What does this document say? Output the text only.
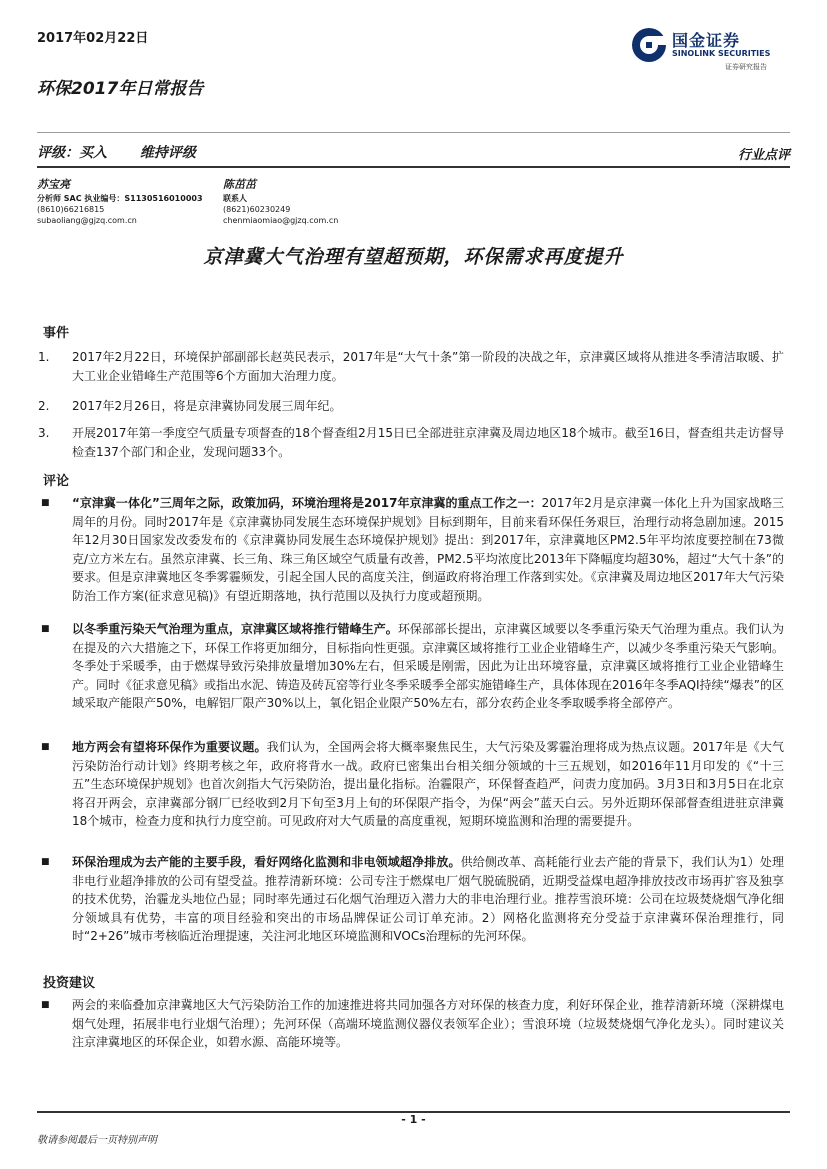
2017年02月22日
环保2017年日常报告
国金证券
SINOLINK SECURITIES
证券研究报告
评级：买入 维持评级	行业点评
苏宝亮
分析师 SAC 执业编号：S1130516010003
(8610)66216815
subaoliang@gjzq.com.cn
陈茁茁
联系人
(8621)60230249
chenmiaomiao@gjzq.com.cn
京津冀大气治理有望超预期，环保需求再度提升
事件
1. 2017年2月22日，环境保护部副部长赵英民表示，2017年是“大气十条”第一阶段的决战之年，京津冀区域将从推进冬季清洁取暖、扩大工业企业错峰生产范围等6个方面加大治理力度。
2. 2017年2月26日，将是京津冀协同发展三周年纪。
3. 开展2017年第一季度空气质量专项督查的18个督查组2月15日已全部进驻京津冀及周边地区18个城市。截至16日，督查组共走访督导检查137个部门和企业，发现问题33个。
评论
■ “京津冀一体化”三周年之际，政策加码，环境治理将是2017年京津冀的重点工作之一：2017年2月是京津冀一体化上升为国家战略三周年的月份。同时2017年是《京津冀协同发展生态环境保护规划》目标到期年，目前来看环保任务艰巨，治理行动将急剧加速。2015年12月30日国家发改委发布的《京津冀协同发展生态环境保护规划》提出：到2017年，京津冀地区PM2.5年平均浓度要控制在73微克/立方米左右。虽然京津冀、长三角、珠三角区域空气质量有改善，PM2.5平均浓度比2013年下降幅度均超30%，超过“大气十条”的要求。但是京津冀地区冬季雾霾频发，引起全国人民的高度关注，倒逼政府将治理工作落到实处。《京津冀及周边地区2017年大气污染防治工作方案(征求意见稿)》有望近期落地，执行范围以及执行力度或超预期。
■ 以冬季重污染天气治理为重点，京津冀区域将推行错峰生产。环保部部长提出，京津冀区域要以冬季重污染天气治理为重点。我们认为在提及的六大措施之下，环保工作将更加细分，目标指向性更强。京津冀区域将推行工业企业错峰生产，以减少冬季重污染天气影响。冬季处于采暖季，由于燃煤导致污染排放量增加30%左右，但采暖是刚需，因此为让出环境容量，京津冀区域将推行工业企业错峰生产。同时《征求意见稿》或指出水泥、铸造及砖瓦窑等行业冬季采暖季全部实施错峰生产，具体体现在2016年冬季AQI持续“爆表”的区域采取产能限产50%，电解铝厂限产30%以上，氧化铝企业限产50%左右，部分农药企业冬季取暖季将全部停产。
■ 地方两会有望将环保作为重要议题。我们认为，全国两会将大概率聚焦民生，大气污染及雾霾治理将成为热点议题。2017年是《大气污染防治行动计划》终期考核之年，政府将背水一战。政府已密集出台相关细分领域的十三五规划，如2016年11月印发的《“十三五”生态环境保护规划》也首次剑指大气污染防治，提出量化指标。治霾限产，环保督查趋严，问责力度加码。3月3日和3月5日在北京将召开两会，京津冀部分钢厂已经收到2月下旬至3月上旬的环保限产指令，为保“两会”蓝天白云。另外近期环保部督查组进驻京津冀18个城市，检查力度和执行力度空前。可见政府对大气质量的高度重视，短期环境监测和治理的需要提升。
■ 环保治理成为去产能的主要手段，看好网络化监测和非电领域超净排放。供给侧改革、高耗能行业去产能的背景下，我们认为1）处理非电行业超净排放的公司有望受益。推荐清新环境：公司专注于燃煤电厂烟气脱硫脱硝，近期受益煤电超净排放技改市场再扩容及独享的技术优势，治霾龙头地位凸显；同时率先通过石化烟气治理迈入潜力大的非电治理行业。推荐雪浪环境：公司在垃圾焚烧烟气净化细分领域具有优势，丰富的项目经验和突出的市场品牌保证公司订单充沛。2）网格化监测将充分受益于京津冀环保治理推行，同时“2+26”城市考核临近治理提速，关注河北地区环境监测和VOCs治理标的先河环保。
投资建议
■ 两会的来临叠加京津冀地区大气污染防治工作的加速推进将共同加强各方对环保的核查力度，利好环保企业，推荐清新环境（深耕煤电烟气处理，拓展非电行业烟气治理）；先河环保（高端环境监测仪器仪表领军企业）；雪浪环境（垃圾焚烧烟气净化龙头）。同时建议关注京津冀地区的环保企业，如碧水源、高能环境等。
- 1 -
敬请参阅最后一页特别声明
